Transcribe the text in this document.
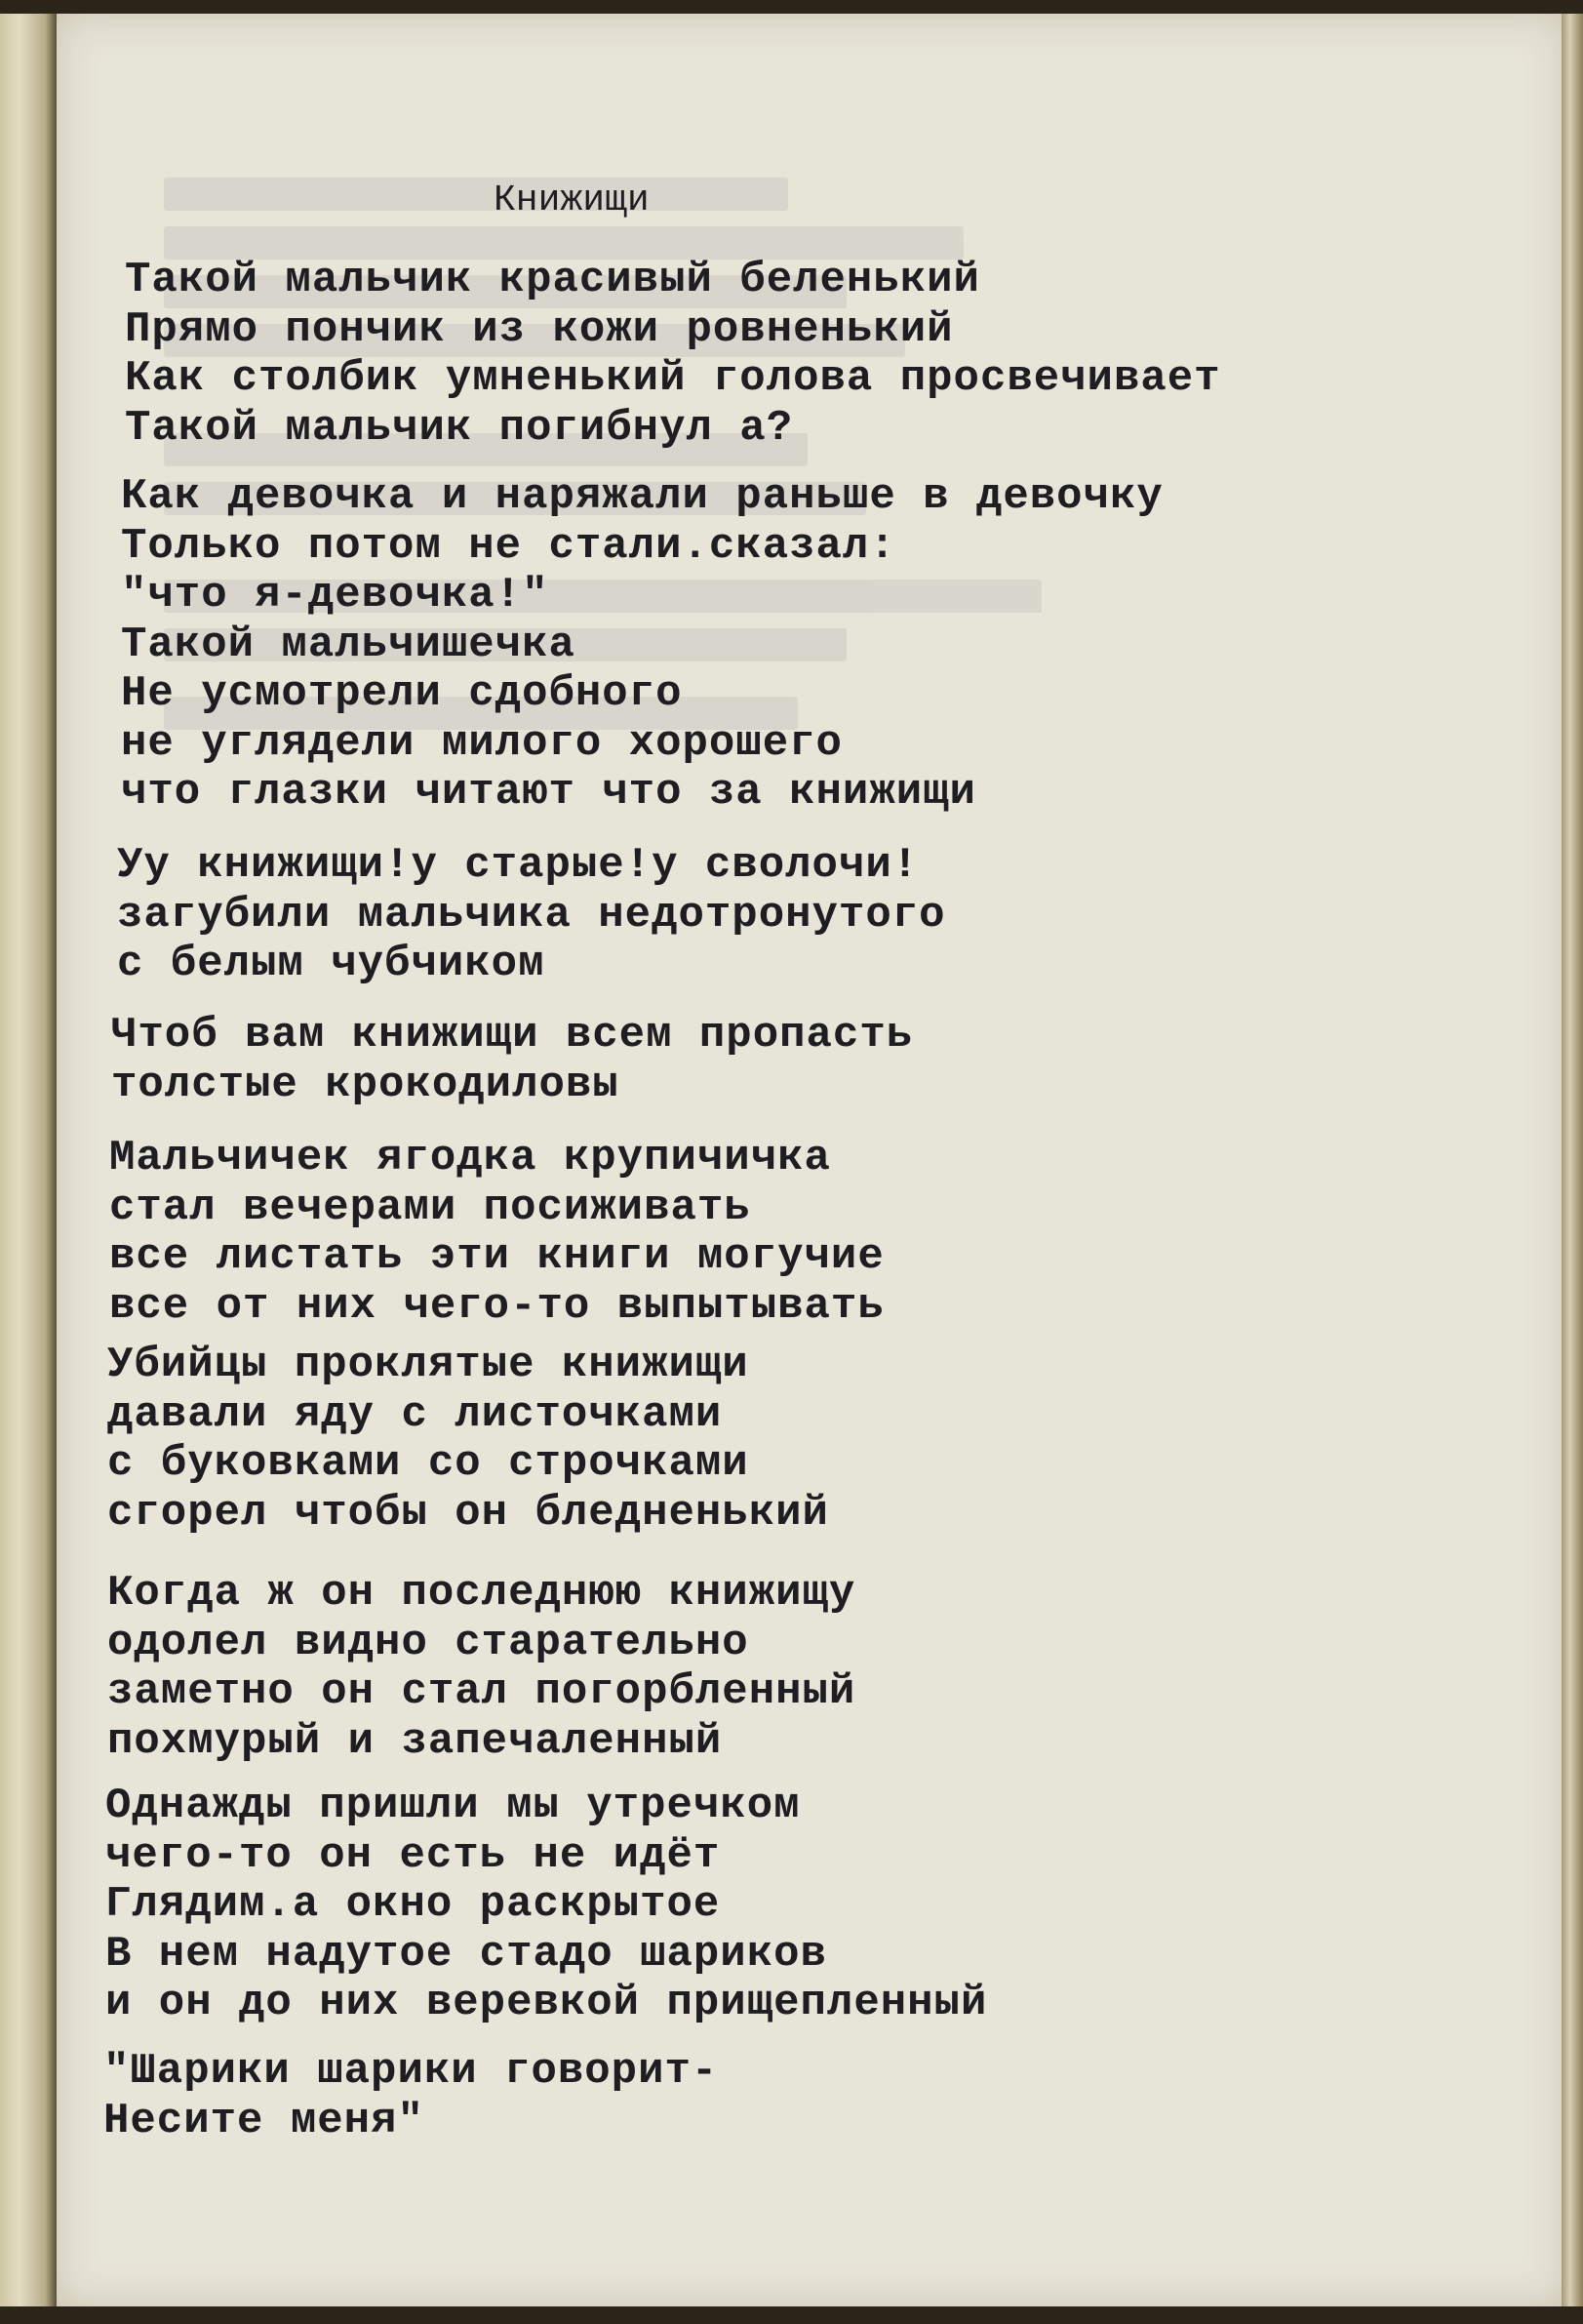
Книжищи
Такой мальчик красивый беленький
Прямо пончик из кожи ровненький
Как столбик умненький голова просвечивает
Такой мальчик погибнул а?
Как девочка и наряжали раньше в девочку
Только потом не стали.сказал:
"что я-девочка!"
Такой мальчишечка
Не усмотрели сдобного
не углядели милого хорошего
что глазки читают что за книжищи
Уу книжищи!у старые!у сволочи!
загубили мальчика недотронутого
с белым чубчиком
Чтоб вам книжищи всем пропасть
толстые крокодиловы
Мальчичек ягодка крупичичка
стал вечерами посиживать
все листать эти книги могучие
все от них чего-то выпытывать
Убийцы проклятые книжищи
давали яду с листочками
с буковками со строчками
сгорел чтобы он бледненький
Когда ж он последнюю книжищу
одолел видно старательно
заметно он стал погорбленный
похмурый и запечаленный
Однажды пришли мы утречком
чего-то он есть не идёт
Глядим.а окно раскрытое
В нем надутое стадо шариков
и он до них веревкой прищепленный
"Шарики шарики говорит-
Несите меня"
